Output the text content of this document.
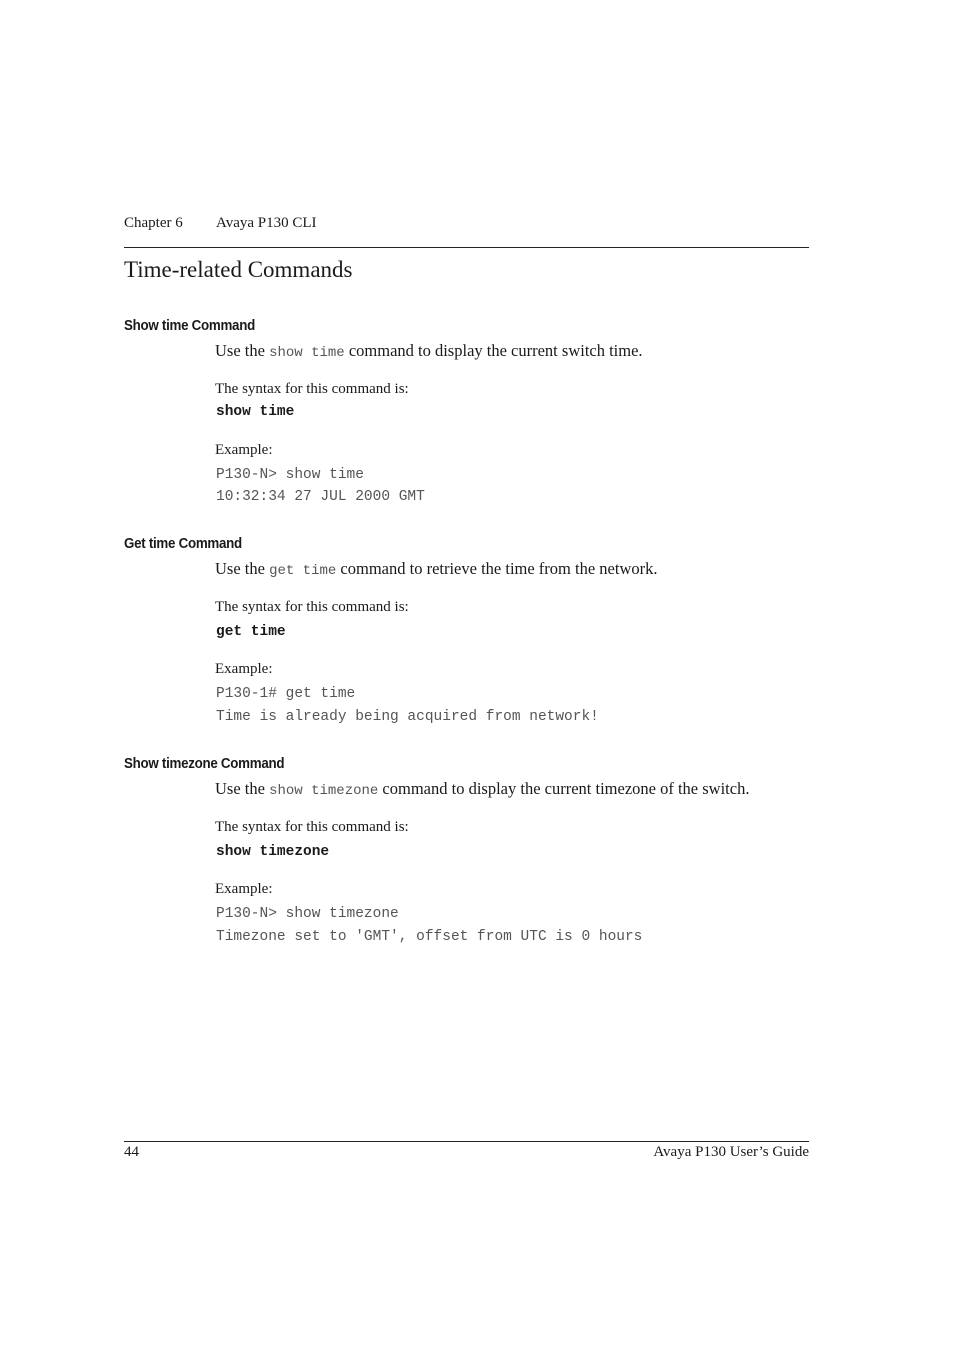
Chapter 6 Avaya P130 CLI
Time-related Commands
Show time Command
Use the show time command to display the current switch time.
The syntax for this command is:
show time
Example:
P130-N> show time
10:32:34 27 JUL 2000 GMT
Get time Command
Use the get time command to retrieve the time from the network.
The syntax for this command is:
get time
Example:
P130-1# get time
Time is already being acquired from network!
Show timezone Command
Use the show timezone command to display the current timezone of the switch.
The syntax for this command is:
show timezone
Example:
P130-N> show timezone
Timezone set to 'GMT', offset from UTC is 0 hours
44	Avaya P130 User’s Guide
